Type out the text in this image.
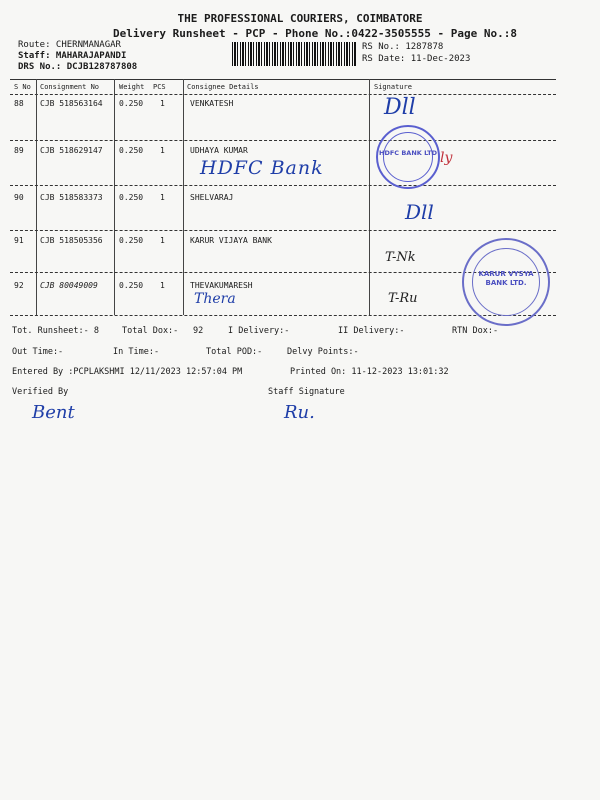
THE PROFESSIONAL COURIERS, COIMBATORE
Delivery Runsheet - PCP - Phone No.:0422-3505555 - Page No.:8
Route: CHERNMANAGAR
Staff: MAHARAJAPANDI
DRS No.: DCJB128787808
RS No.: 1287878
RS Date: 11-Dec-2023
S No Consignment No	Weight PCS	Consignee Details	Signature
88 CJB 518563164 0.250 1	VENKATESH
89 CJB 518629147 0.250 1	UDHAYA KUMAR
90 CJB 518583373 0.250 1	SHELVARAJ
91 CJB 518505356 0.250 1	KARUR VIJAYA BANK
92 CJB 80049009	0.250 1	THEVAKUMARESH
HDFC Bank
Thera
Dll
ly
Dll
T-Nk
T-Ru
HDFC BANK LTD
KARUR VYSYA BANK LTD.
Tot. Runsheet:- 8	Total Dox:- 92	I Delivery:-	II Delivery:-	RTN Dox:-
Out Time:-	In Time:-	Total POD:-	Delvy Points:-
Entered By :PCPLAKSHMI 12/11/2023 12:57:04 PM	Printed On: 11-12-2023 13:01:32
Verified By	Staff Signature
Bent	Ru.
